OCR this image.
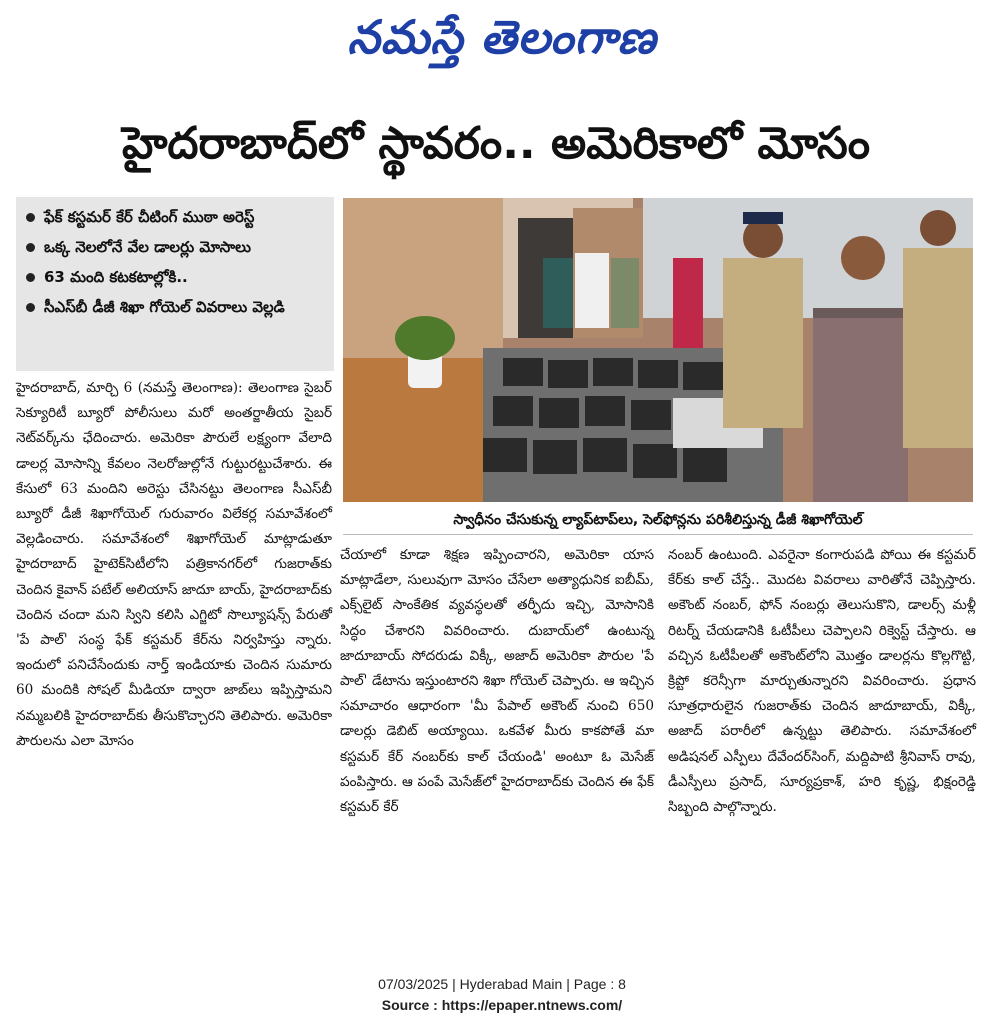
నమస్తే తెలంగాణ
హైదరాబాద్‌లో స్థావరం.. అమెరికాలో మోసం
ఫేక్ కస్టమర్ కేర్ చీటింగ్ ముఠా అరెస్ట్
ఒక్క నెలలోనే వేల డాలర్లు మోసాలు
63 మంది కటకటాల్లోకి..
సీఎస్‌బీ డీజీ శిఖా గోయెల్ వివరాలు వెల్లడి
స్వాధీనం చేసుకున్న ల్యాప్‌టాప్‌లు, సెల్‌ఫోన్లను పరిశీలిస్తున్న డీజీ శిఖాగోయెల్
హైదరాబాద్, మార్చి 6 (నమస్తే తెలంగాణ): తెలంగాణ సైబర్ సెక్యూరిటీ బ్యూరో పోలీసులు మరో అంతర్జాతీయ సైబర్ నెట్‌వర్క్‌ను ఛేదించారు. అమెరికా పౌరులే లక్ష్యంగా వేలాది డాలర్ల మోసాన్ని కేవలం నెలరోజుల్లోనే గుట్టురట్టుచేశారు. ఈ కేసులో 63 మందిని అరెస్టు చేసినట్టు తెలంగాణ సీఎస్‌బీ బ్యూరో డీజీ శిఖాగోయెల్ గురువారం విలేకర్ల సమావేశంలో వెల్లడించారు. సమావేశంలో శిఖాగోయెల్ మాట్లాడుతూ హైదరాబాద్ హైటెక్‌సిటీలోని పత్రికానగర్‌లో గుజరాత్‌కు చెందిన కైవాన్ పటేల్ అలియాస్ జాదూ బాయ్, హైదరాబాద్‌కు చెందిన చందా మని స్విని కలిసి ఎగ్జిటో సొల్యూషన్స్ పేరుతో 'పే పాల్' సంస్థ ఫేక్ కస్టమర్ కేర్‌ను నిర్వహిస్తు న్నారు. ఇందులో పనిచేసేందుకు నార్త్ ఇండియాకు చెందిన సుమారు 60 మందికి సోషల్ మీడియా ద్వారా జాబ్‌లు ఇప్పిస్తామని నమ్మబలికి హైదరాబాద్‌కు తీసుకొచ్చారని తెలిపారు. అమెరికా పౌరులను ఎలా మోసం
చేయాలో కూడా శిక్షణ ఇప్పించారని, అమెరికా యాస మాట్లాడేలా, సులువుగా మోసం చేసేలా అత్యాధునిక ఐబీమ్, ఎక్స్‌లైట్ సాంకేతిక వ్యవస్థలతో తర్ఫీదు ఇచ్చి, మోసానికి సిద్ధం చేశారని వివరించారు. దుబాయ్‌లో ఉంటున్న జాదూబాయ్ సోదరుడు విక్కీ, అజాద్ అమెరికా పౌరుల 'పే పాల్' డేటాను ఇస్తుంటారని శిఖా గోయెల్ చెప్పారు. ఆ ఇచ్చిన సమాచారం ఆధారంగా 'మీ పేపాల్ అకౌంట్ నుంచి 650 డాలర్లు డెబిట్ అయ్యాయి. ఒకవేళ మీరు కాకపోతే మా కస్టమర్ కేర్ నంబర్‌కు కాల్ చేయండి' అంటూ ఓ మెసేజ్ పంపిస్తారు. ఆ పంపే మెసేజ్‌లో హైదరాబాద్‌కు చెందిన ఈ ఫేక్ కస్టమర్ కేర్
నంబర్ ఉంటుంది. ఎవరైనా కంగారుపడి పోయి ఈ కస్టమర్ కేర్‌కు కాల్ చేస్తే.. మొదట వివరాలు వారితోనే చెప్పిస్తారు. అకౌంట్ నంబర్, ఫోన్ నంబర్లు తెలుసుకొని, డాలర్స్ మళ్లీ రిటర్న్ చేయడానికి ఓటీపీలు చెప్పాలని రిక్వెస్ట్ చేస్తారు. ఆ వచ్చిన ఓటీపీలతో అకౌంట్‌లోని మొత్తం డాలర్లను కొల్లగొట్టి, క్రిప్టో కరెన్సీగా మార్చుతున్నారని వివరించారు. ప్రధాన సూత్రధారులైన గుజరాత్‌కు చెందిన జాదూబాయ్, విక్కీ, అజాద్ పరారీలో ఉన్నట్టు తెలిపారు. సమావేశంలో అడిషనల్ ఎస్పీలు దేవేందర్‌సింగ్, మద్దిపాటి శ్రీనివాస్ రావు, డీఎస్పీలు ప్రసాద్, సూర్యప్రకాశ్, హరి కృష్ణ, భిక్షంరెడ్డి సిబ్బంది పాల్గొన్నారు.
07/03/2025 | Hyderabad Main | Page : 8
Source : https://epaper.ntnews.com/
